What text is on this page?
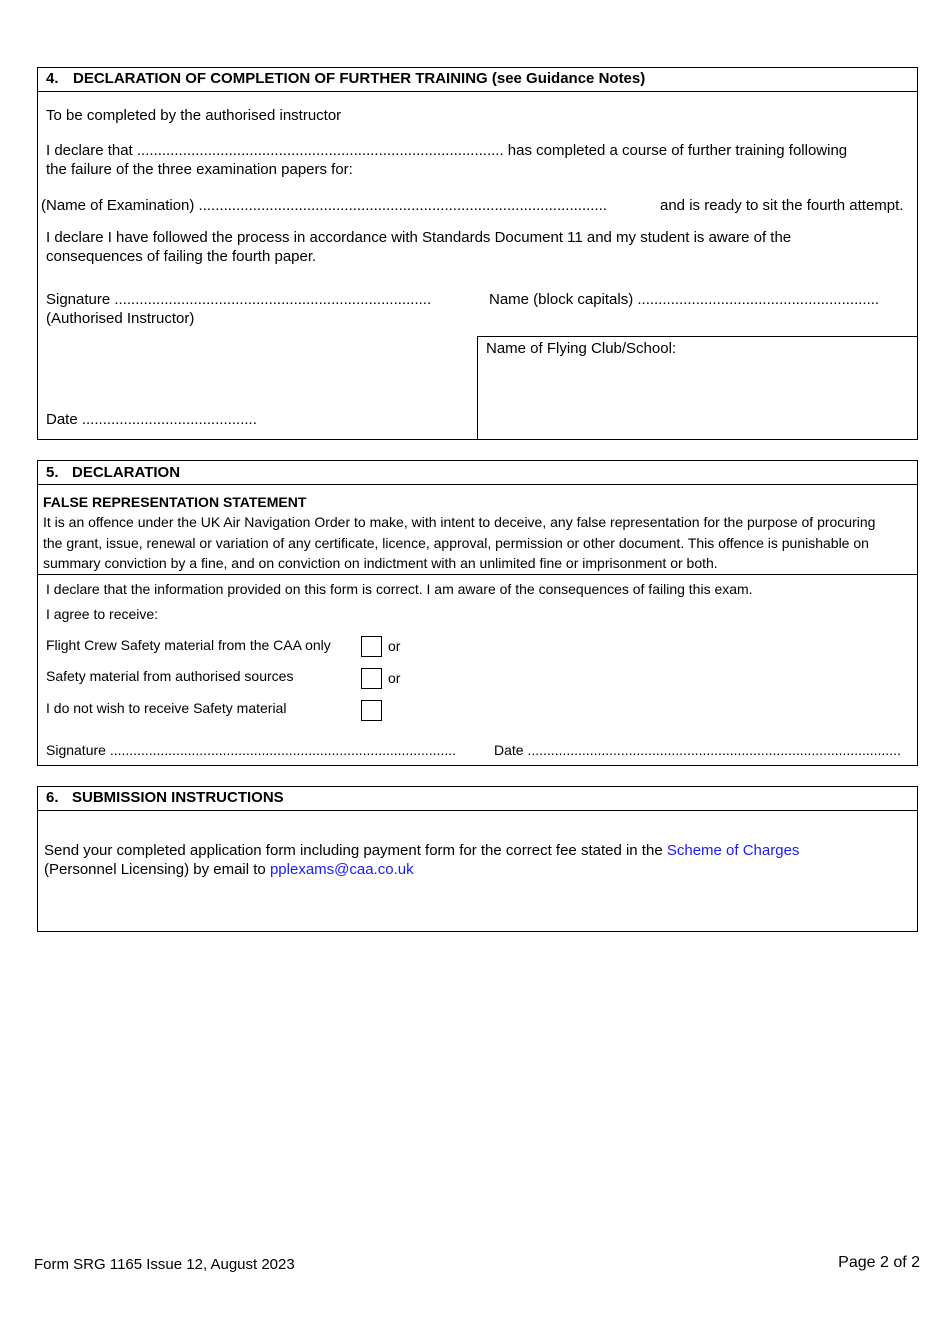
4. DECLARATION OF COMPLETION OF FURTHER TRAINING (see Guidance Notes)
To be completed by the authorised instructor
I declare that ........................................................................................ has completed a course of further training following
the failure of the three examination papers for:
(Name of Examination) ..................................................................................................	and is ready to sit the fourth attempt.
I declare I have followed the process in accordance with Standards Document 11 and my student is aware of the
consequences of failing the fourth paper.
Signature ............................................................................
(Authorised Instructor)
Name (block capitals) ..........................................................
Name of Flying Club/School:
Date ..........................................
5. DECLARATION
FALSE REPRESENTATION STATEMENT
It is an offence under the UK Air Navigation Order to make, with intent to deceive, any false representation for the purpose of procuring
the grant, issue, renewal or variation of any certificate, licence, approval, permission or other document. This offence is punishable on
summary conviction by a fine, and on conviction on indictment with an unlimited fine or imprisonment or both.
I declare that the information provided on this form is correct. I am aware of the consequences of failing this exam.
I agree to receive:
Flight Crew Safety material from the CAA only	or
Safety material from authorised sources	or
I do not wish to receive Safety material
Signature .........................................................................................	Date ................................................................................................
6. SUBMISSION INSTRUCTIONS
Send your completed application form including payment form for the correct fee stated in the Scheme of Charges
(Personnel Licensing) by email to pplexams@caa.co.uk
Form SRG 1165 Issue 12, August 2023	Page 2 of 2
